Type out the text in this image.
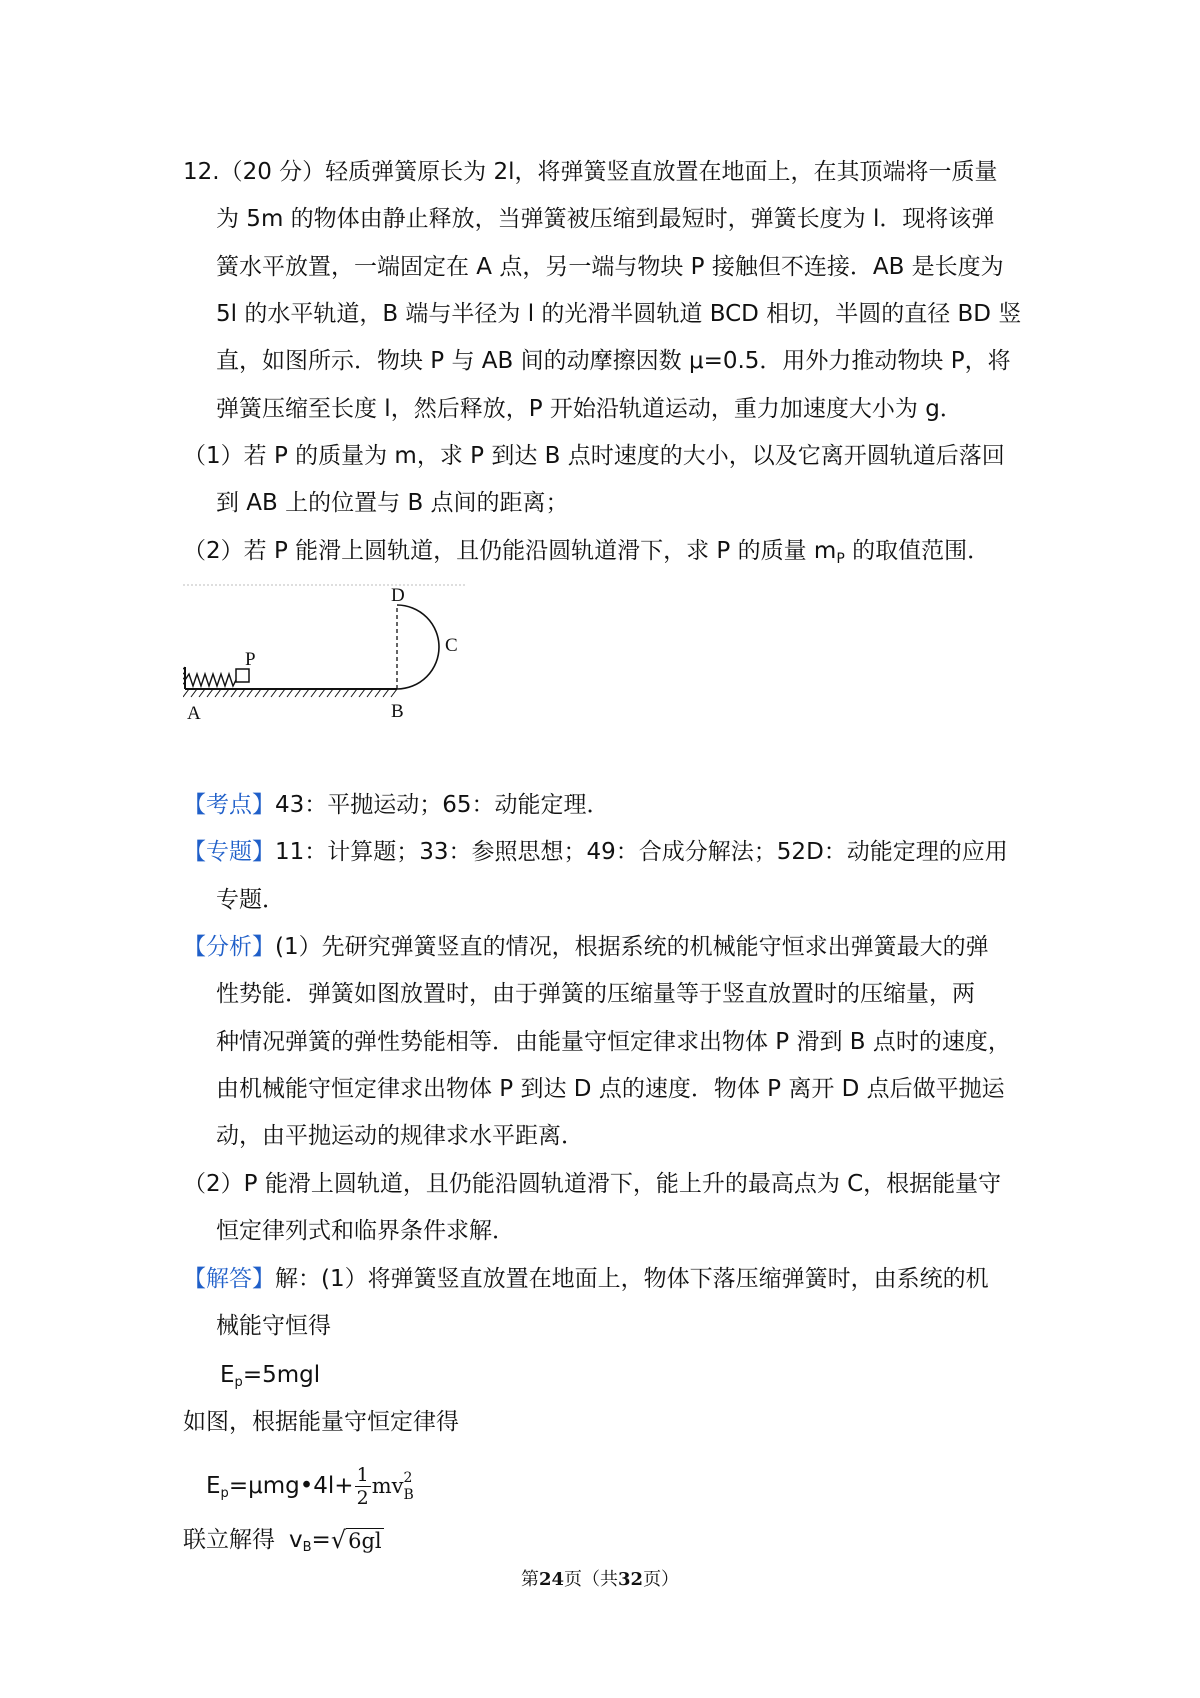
12.（20 分）轻质弹簧原长为 2l，将弹簧竖直放置在地面上，在其顶端将一质量
为 5m 的物体由静止释放，当弹簧被压缩到最短时，弹簧长度为 l．现将该弹
簧水平放置，一端固定在 A 点，另一端与物块 P 接触但不连接．AB 是长度为
5l 的水平轨道，B 端与半径为 l 的光滑半圆轨道 BCD 相切，半圆的直径 BD 竖
直，如图所示．物块 P 与 AB 间的动摩擦因数 μ=0.5．用外力推动物块 P，将
弹簧压缩至长度 l，然后释放，P 开始沿轨道运动，重力加速度大小为 g．
（1）若 P 的质量为 m，求 P 到达 B 点时速度的大小，以及它离开圆轨道后落回
到 AB 上的位置与 B 点间的距离；
（2）若 P 能滑上圆轨道，且仍能沿圆轨道滑下，求 P 的质量 $m_P$ 的取值范围．
D
C
P
A	B
【考点】43：平抛运动；65：动能定理．
【专题】11：计算题；33：参照思想；49：合成分解法；52D：动能定理的应用
专题．
【分析】(1）先研究弹簧竖直的情况，根据系统的机械能守恒求出弹簧最大的弹
性势能．弹簧如图放置时，由于弹簧的压缩量等于竖直放置时的压缩量，两
种情况弹簧的弹性势能相等．由能量守恒定律求出物体 P 滑到 B 点时的速度，
由机械能守恒定律求出物体 P 到达 D 点的速度．物体 P 离开 D 点后做平抛运
动，由平抛运动的规律求水平距离．
（2）P 能滑上圆轨道，且仍能沿圆轨道滑下，能上升的最高点为 C，根据能量守
恒定律列式和临界条件求解．
【解答】解：(1）将弹簧竖直放置在地面上，物体下落压缩弹簧时，由系统的机
械能守恒得
Ep=5mgl
如图，根据能量守恒定律得
Ep=μmg•4l+ $\frac{1}{2}$ mv 2
B
联立解得 vB=√6gl
第24页（共32页）
